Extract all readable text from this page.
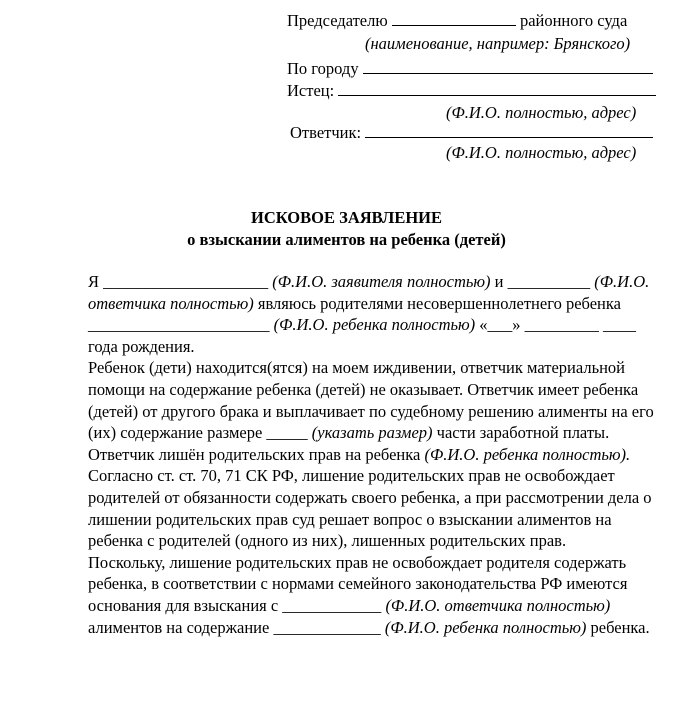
Председателю	районного суда
(наименование, например: Брянского)
По городу
Истец:
(Ф.И.О. полностью, адрес)
Ответчик:
(Ф.И.О. полностью, адрес)
ИСКОВОЕ ЗАЯВЛЕНИЕ
о взыскании алиментов на ребенка (детей)

Я ____________________ (Ф.И.О. заявителя полностью) и __________ (Ф.И.О. ответчика полностью) являюсь родителями несовершеннолетнего ребенка ______________________ (Ф.И.О. ребенка полностью) «___» _________ ____ года рождения.

Ребенок (дети) находится(ятся) на моем иждивении, ответчик материальной помощи на содержание ребенка (детей) не оказывает. Ответчик имеет ребенка (детей) от другого брака и выплачивает по судебному решению алименты на его (их) содержание размере _____ (указать размер) части заработной платы.

Ответчик лишён родительских прав на ребенка (Ф.И.О. ребенка полностью).

Согласно ст. ст. 70, 71 СК РФ, лишение родительских прав не освобождает родителей от обязанности содержать своего ребенка, а при рассмотрении дела о лишении родительских прав суд решает вопрос о взыскании алиментов на ребенка с родителей (одного из них), лишенных родительских прав.

Поскольку, лишение родительских прав не освобождает родителя содержать ребенка, в соответствии с нормами семейного законодательства РФ имеются основания для взыскания с ____________ (Ф.И.О. ответчика полностью) алиментов на содержание _____________ (Ф.И.О. ребенка полностью) ребенка.
